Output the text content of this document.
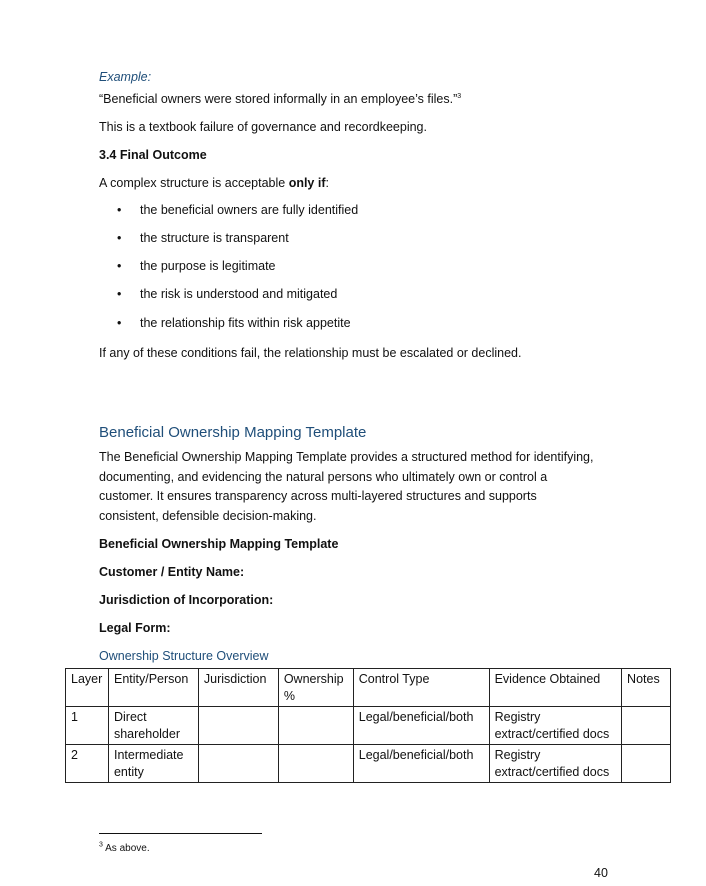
Example:
“Beneficial owners were stored informally in an employee’s files.”$^3$
This is a textbook failure of governance and recordkeeping.
3.4 Final Outcome
A complex structure is acceptable only if:
• the beneficial owners are fully identified
• the structure is transparent
• the purpose is legitimate
• the risk is understood and mitigated
• the relationship fits within risk appetite
If any of these conditions fail, the relationship must be escalated or declined.
Beneficial Ownership Mapping Template
The Beneficial Ownership Mapping Template provides a structured method for identifying, documenting, and evidencing the natural persons who ultimately own or control a customer. It ensures transparency across multi-layered structures and supports consistent, defensible decision-making.
Beneficial Ownership Mapping Template
Customer / Entity Name:
Jurisdiction of Incorporation:
Legal Form:
Ownership Structure Overview
Layer	Entity/Person	Jurisdiction	Ownership %	Control Type	Evidence Obtained	Notes
1	Direct shareholder			Legal/beneficial/both	Registry extract/certified docs	
2	Intermediate entity			Legal/beneficial/both	Registry extract/certified docs	
$^3$ As above.
40
